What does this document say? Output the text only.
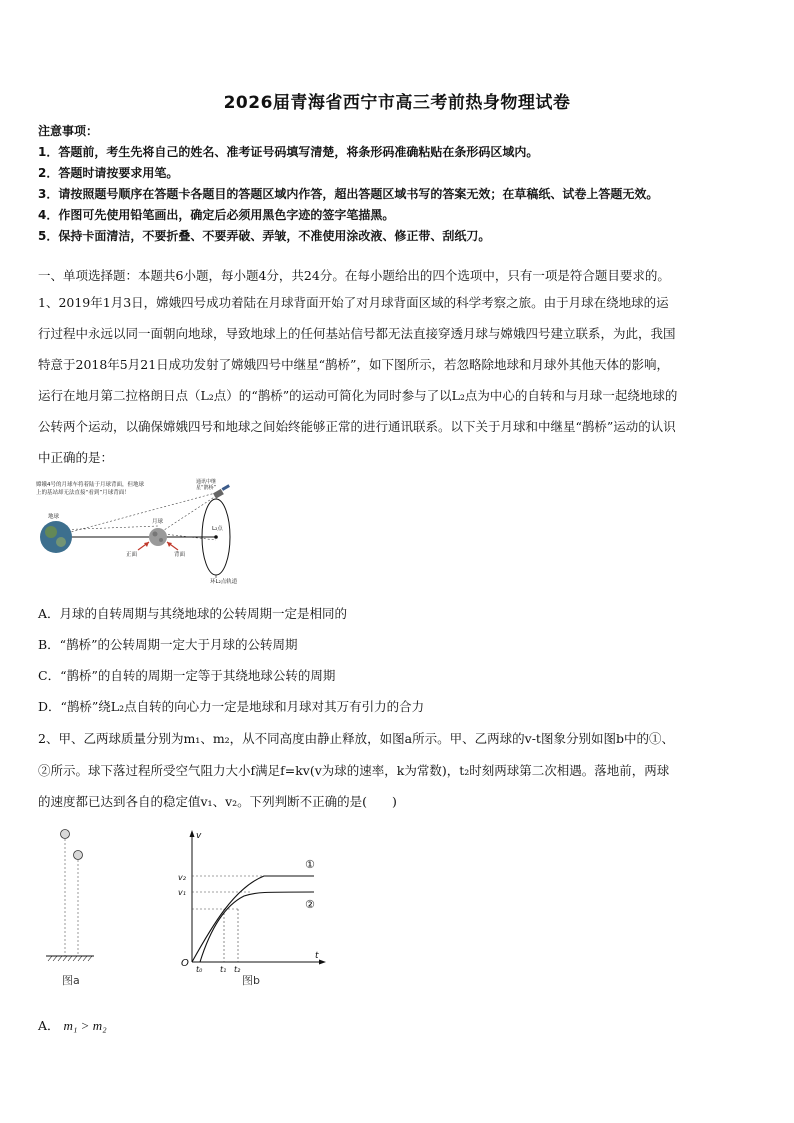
2026届青海省西宁市高三考前热身物理试卷
注意事项：
1．答题前，考生先将自己的姓名、准考证号码填写清楚，将条形码准确粘贴在条形码区域内。
2．答题时请按要求用笔。
3．请按照题号顺序在答题卡各题目的答题区域内作答，超出答题区域书写的答案无效；在草稿纸、试卷上答题无效。
4．作图可先使用铅笔画出，确定后必须用黑色字迹的签字笔描黑。
5．保持卡面清洁，不要折叠、不要弄破、弄皱，不准使用涂改液、修正带、刮纸刀。
一、单项选择题：本题共6小题，每小题4分，共24分。在每小题给出的四个选项中，只有一项是符合题目要求的。
1、2019年1月3日，嫦娥四号成功着陆在月球背面开始了对月球背面区域的科学考察之旅。由于月球在绕地球的运
行过程中永远以同一面朝向地球，导致地球上的任何基站信号都无法直接穿透月球与嫦娥四号建立联系，为此，我国
特意于2018年5月21日成功发射了嫦娥四号中继星“鹊桥”，如下图所示，若忽略除地球和月球外其他天体的影响，
运行在地月第二拉格朗日点（L₂点）的“鹊桥”的运动可简化为同时参与了以L₂点为中心的自转和与月球一起绕地球的
公转两个运动，以确保嫦娥四号和地球之间始终能够正常的进行通讯联系。以下关于月球和中继星“鹊桥”运动的认识
中正确的是：
嫦娥4号的月球车将着陆于月球背面，但地球
上的基站却无法直接“看到”月球背面！
地球
月球
正面	背面
L₂点
通讯中继
星“鹊桥”
环L₂点轨道
A．月球的自转周期与其绕地球的公转周期一定是相同的
B．“鹊桥”的公转周期一定大于月球的公转周期
C．“鹊桥”的自转的周期一定等于其绕地球公转的周期
D．“鹊桥”绕L₂点自转的向心力一定是地球和月球对其万有引力的合力
2、甲、乙两球质量分别为m₁、m₂，从不同高度由静止释放，如图a所示。甲、乙两球的v-t图象分别如图b中的①、
②所示。球下落过程所受空气阻力大小f满足f=kv(v为球的速率，k为常数)，t₂时刻两球第二次相遇。落地前，两球
的速度都已达到各自的稳定值v₁、v₂。下列判断不正确的是(　　)
图a
v
t
O
v₂
v₁
①
②
t₀ t₁ t₂
图b
A． m₁ > m₂
